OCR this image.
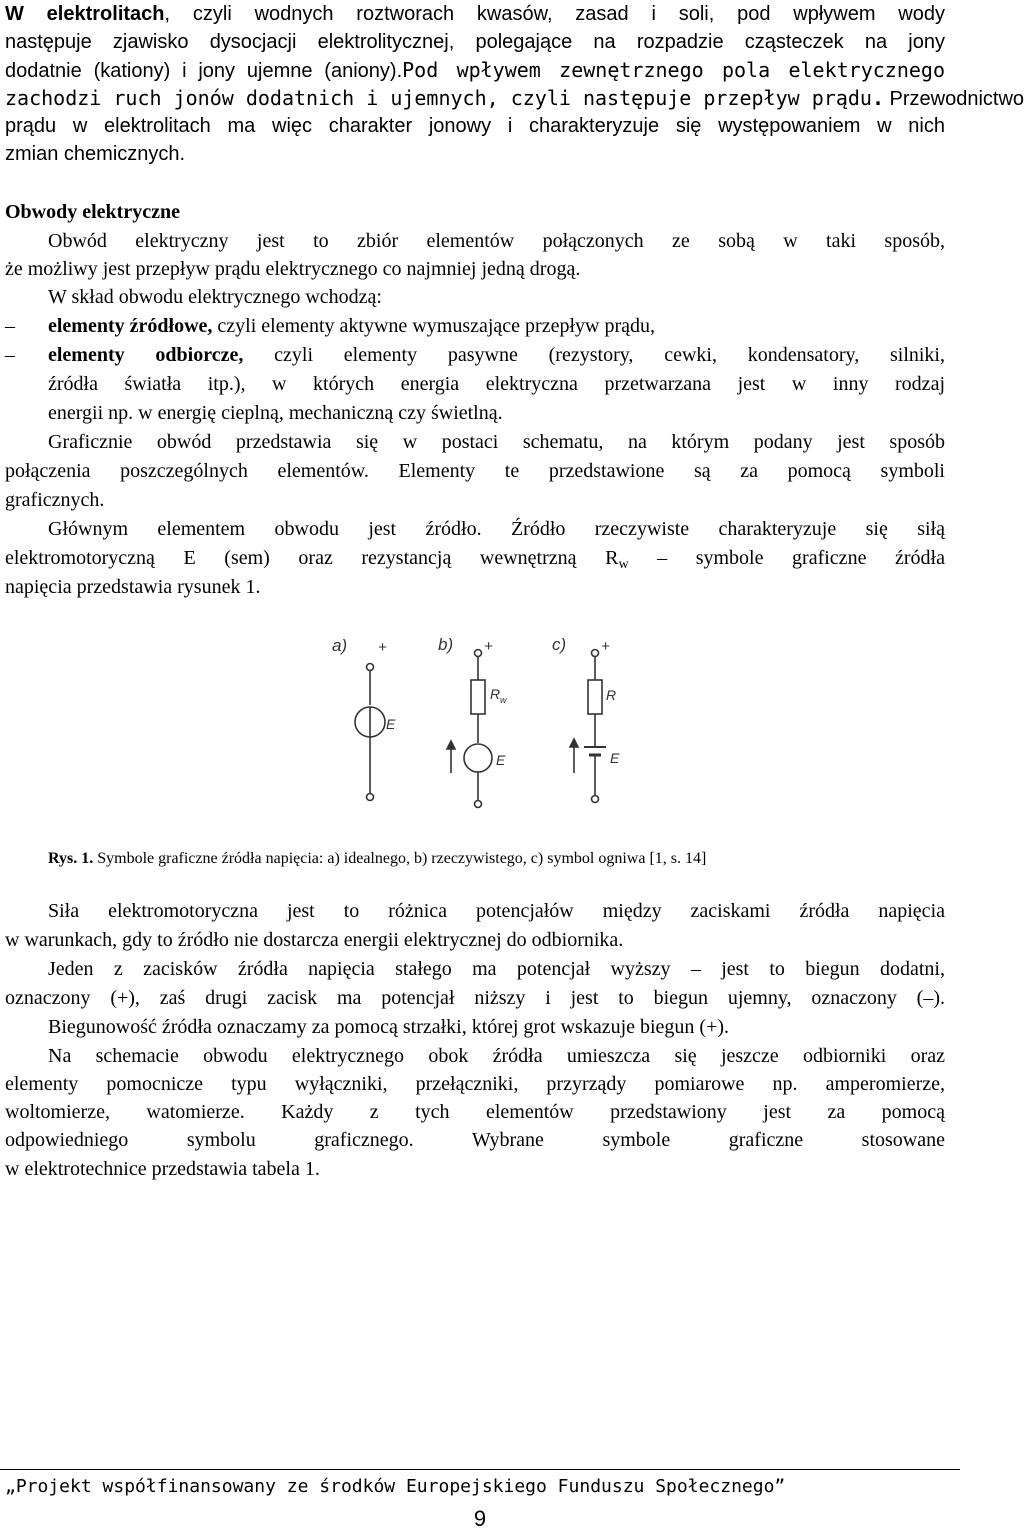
W elektrolitach, czyli wodnych roztworach kwasów, zasad i soli, pod wpływem wody
następuje zjawisko dysocjacji elektrolitycznej, polegające na rozpadzie cząsteczek na jony
dodatnie (kationy) i jony ujemne (aniony).Pod wpływem zewnętrznego pola elektrycznego
zachodzi ruch jonów dodatnich i ujemnych, czyli następuje przepływ prądu. Przewodnictwo
prądu w elektrolitach ma więc charakter jonowy i charakteryzuje się występowaniem w nich
zmian chemicznych.
Obwody elektryczne
Obwód elektryczny jest to zbiór elementów połączonych ze sobą w taki sposób,
że możliwy jest przepływ prądu elektrycznego co najmniej jedną drogą.
W skład obwodu elektrycznego wchodzą:
– elementy źródłowe, czyli elementy aktywne wymuszające przepływ prądu,
– elementy odbiorcze, czyli elementy pasywne (rezystory, cewki, kondensatory, silniki,
źródła światła itp.), w których energia elektryczna przetwarzana jest w inny rodzaj
energii np. w energię cieplną, mechaniczną czy świetlną.
Graficznie obwód przedstawia się w postaci schematu, na którym podany jest sposób
połączenia poszczególnych elementów. Elementy te przedstawione są za pomocą symboli
graficznych.
Głównym elementem obwodu jest źródło. Źródło rzeczywiste charakteryzuje się siłą
elektromotoryczną E (sem) oraz rezystancją wewnętrzną $R_w$ – symbole graficzne źródła
napięcia przedstawia rysunek 1.
a) +
E
b) +
R w
E
c) +
R
E
Rys. 1. Symbole graficzne źródła napięcia: a) idealnego, b) rzeczywistego, c) symbol ogniwa [1, s. 14]
Siła elektromotoryczna jest to różnica potencjałów między zaciskami źródła napięcia
w warunkach, gdy to źródło nie dostarcza energii elektrycznej do odbiornika.
Jeden z zacisków źródła napięcia stałego ma potencjał wyższy – jest to biegun dodatni,
oznaczony (+), zaś drugi zacisk ma potencjał niższy i jest to biegun ujemny, oznaczony (–).
Biegunowość źródła oznaczamy za pomocą strzałki, której grot wskazuje biegun (+).
Na schemacie obwodu elektrycznego obok źródła umieszcza się jeszcze odbiorniki oraz
elementy pomocnicze typu wyłączniki, przełączniki, przyrządy pomiarowe np. amperomierze,
woltomierze, watomierze. Każdy z tych elementów przedstawiony jest za pomocą
odpowiedniego symbolu graficznego. Wybrane symbole graficzne stosowane
w elektrotechnice przedstawia tabela 1.
„Projekt współfinansowany ze środków Europejskiego Funduszu Społecznego”
9
